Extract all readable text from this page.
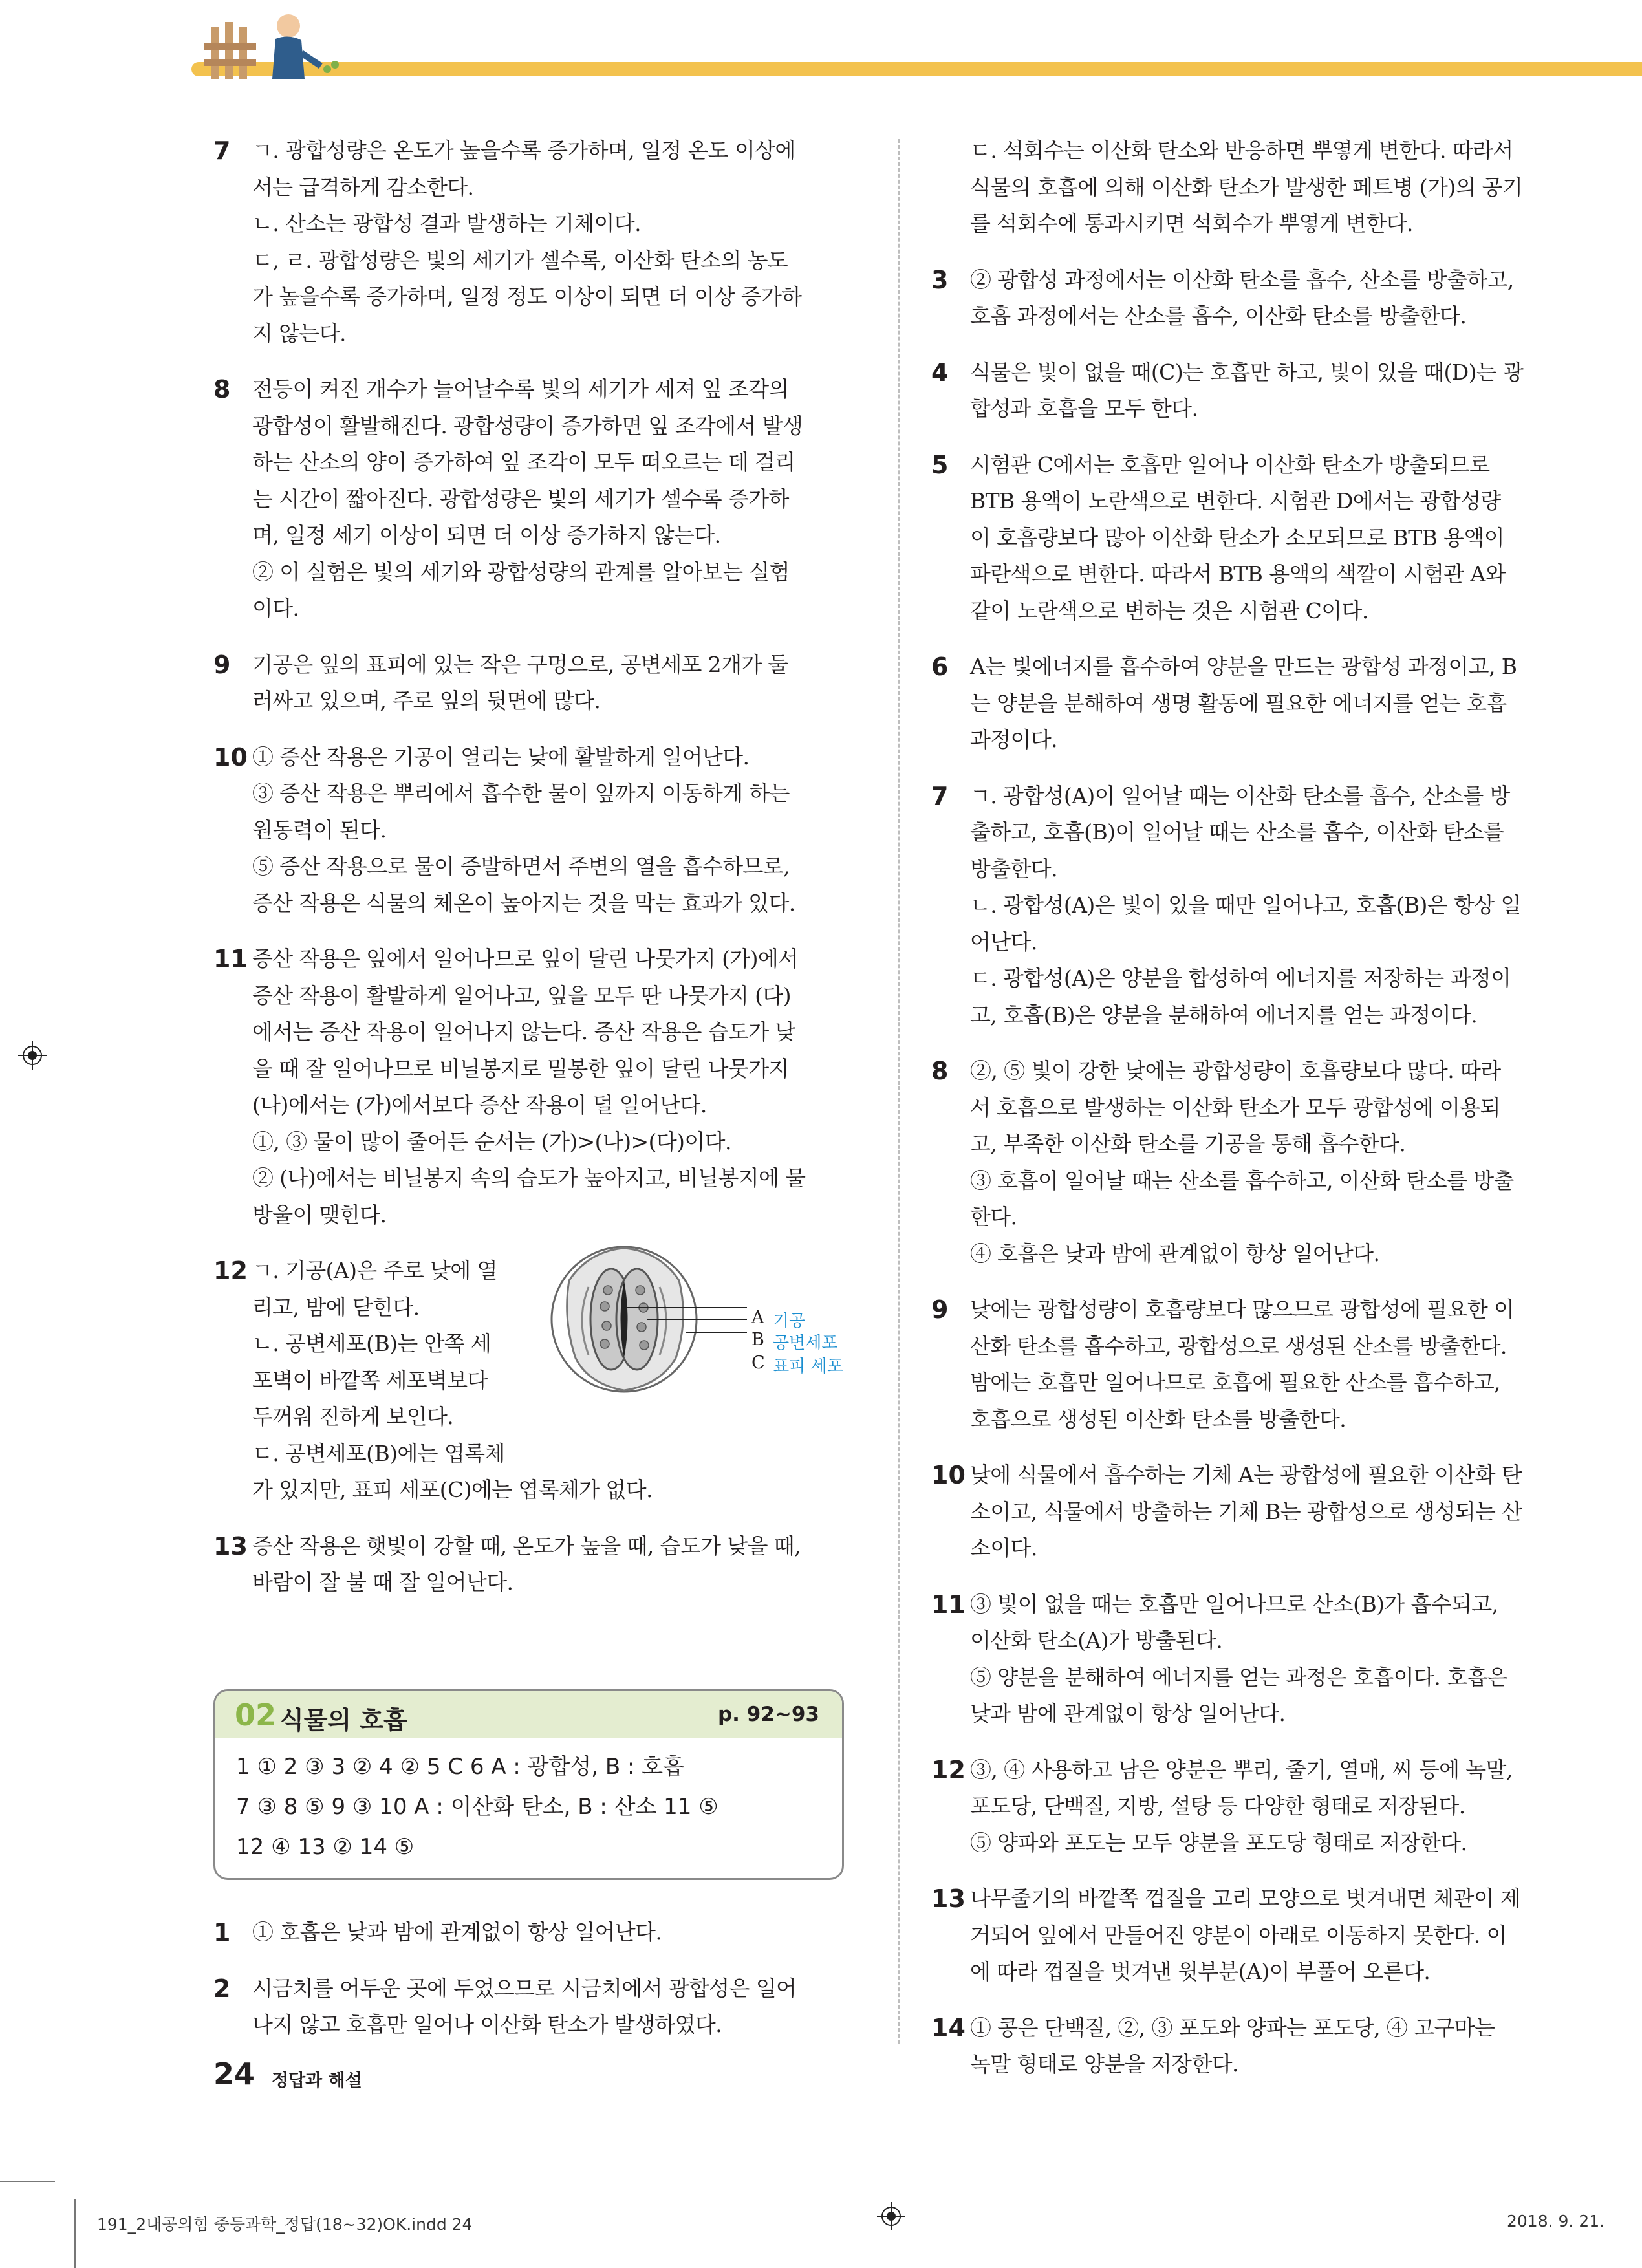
7 ㄱ. 광합성량은 온도가 높을수록 증가하며, 일정 온도 이상에
서는 급격하게 감소한다.
ㄴ. 산소는 광합성 결과 발생하는 기체이다.
ㄷ, ㄹ. 광합성량은 빛의 세기가 셀수록, 이산화 탄소의 농도
가 높을수록 증가하며, 일정 정도 이상이 되면 더 이상 증가하
지 않는다.
8 전등이 켜진 개수가 늘어날수록 빛의 세기가 세져 잎 조각의
광합성이 활발해진다. 광합성량이 증가하면 잎 조각에서 발생
하는 산소의 양이 증가하여 잎 조각이 모두 떠오르는 데 걸리
는 시간이 짧아진다. 광합성량은 빛의 세기가 셀수록 증가하
며, 일정 세기 이상이 되면 더 이상 증가하지 않는다.
② 이 실험은 빛의 세기와 광합성량의 관계를 알아보는 실험
이다.
9 기공은 잎의 표피에 있는 작은 구멍으로, 공변세포 2개가 둘
러싸고 있으며, 주로 잎의 뒷면에 많다.
10 ① 증산 작용은 기공이 열리는 낮에 활발하게 일어난다.
③ 증산 작용은 뿌리에서 흡수한 물이 잎까지 이동하게 하는
원동력이 된다.
⑤ 증산 작용으로 물이 증발하면서 주변의 열을 흡수하므로,
증산 작용은 식물의 체온이 높아지는 것을 막는 효과가 있다.
11 증산 작용은 잎에서 일어나므로 잎이 달린 나뭇가지 (가)에서
증산 작용이 활발하게 일어나고, 잎을 모두 딴 나뭇가지 (다)
에서는 증산 작용이 일어나지 않는다. 증산 작용은 습도가 낮
을 때 잘 일어나므로 비닐봉지로 밀봉한 잎이 달린 나뭇가지
(나)에서는 (가)에서보다 증산 작용이 덜 일어난다.
①, ③ 물이 많이 줄어든 순서는 (가)>(나)>(다)이다.
② (나)에서는 비닐봉지 속의 습도가 높아지고, 비닐봉지에 물
방울이 맺힌다.
12 ㄱ. 기공(A)은 주로 낮에 열
리고, 밤에 닫힌다.
ㄴ. 공변세포(B)는 안쪽 세
포벽이 바깥쪽 세포벽보다
두꺼워 진하게 보인다.
ㄷ. 공변세포(B)에는 엽록체
가 있지만, 표피 세포(C)에는 엽록체가 없다.
13 증산 작용은 햇빛이 강할 때, 온도가 높을 때, 습도가 낮을 때,
바람이 잘 불 때 잘 일어난다.
A 기공
B 공변세포
C 표피 세포
02 식물의 호흡	p. 92~93
1 ① 2 ③ 3 ② 4 ② 5 C 6 A : 광합성, B : 호흡
7 ③ 8 ⑤ 9 ③ 10 A : 이산화 탄소, B : 산소 11 ⑤
12 ④ 13 ② 14 ⑤
1 ① 호흡은 낮과 밤에 관계없이 항상 일어난다.
2 시금치를 어두운 곳에 두었으므로 시금치에서 광합성은 일어
나지 않고 호흡만 일어나 이산화 탄소가 발생하였다.
ㄷ. 석회수는 이산화 탄소와 반응하면 뿌옇게 변한다. 따라서
식물의 호흡에 의해 이산화 탄소가 발생한 페트병 (가)의 공기
를 석회수에 통과시키면 석회수가 뿌옇게 변한다.
3 ② 광합성 과정에서는 이산화 탄소를 흡수, 산소를 방출하고,
호흡 과정에서는 산소를 흡수, 이산화 탄소를 방출한다.
4 식물은 빛이 없을 때(C)는 호흡만 하고, 빛이 있을 때(D)는 광
합성과 호흡을 모두 한다.
5 시험관 C에서는 호흡만 일어나 이산화 탄소가 방출되므로
BTB 용액이 노란색으로 변한다. 시험관 D에서는 광합성량
이 호흡량보다 많아 이산화 탄소가 소모되므로 BTB 용액이
파란색으로 변한다. 따라서 BTB 용액의 색깔이 시험관 A와
같이 노란색으로 변하는 것은 시험관 C이다.
6 A는 빛에너지를 흡수하여 양분을 만드는 광합성 과정이고, B
는 양분을 분해하여 생명 활동에 필요한 에너지를 얻는 호흡
과정이다.
7 ㄱ. 광합성(A)이 일어날 때는 이산화 탄소를 흡수, 산소를 방
출하고, 호흡(B)이 일어날 때는 산소를 흡수, 이산화 탄소를
방출한다.
ㄴ. 광합성(A)은 빛이 있을 때만 일어나고, 호흡(B)은 항상 일
어난다.
ㄷ. 광합성(A)은 양분을 합성하여 에너지를 저장하는 과정이
고, 호흡(B)은 양분을 분해하여 에너지를 얻는 과정이다.
8 ②, ⑤ 빛이 강한 낮에는 광합성량이 호흡량보다 많다. 따라
서 호흡으로 발생하는 이산화 탄소가 모두 광합성에 이용되
고, 부족한 이산화 탄소를 기공을 통해 흡수한다.
③ 호흡이 일어날 때는 산소를 흡수하고, 이산화 탄소를 방출
한다.
④ 호흡은 낮과 밤에 관계없이 항상 일어난다.
9 낮에는 광합성량이 호흡량보다 많으므로 광합성에 필요한 이
산화 탄소를 흡수하고, 광합성으로 생성된 산소를 방출한다.
밤에는 호흡만 일어나므로 호흡에 필요한 산소를 흡수하고,
호흡으로 생성된 이산화 탄소를 방출한다.
10 낮에 식물에서 흡수하는 기체 A는 광합성에 필요한 이산화 탄
소이고, 식물에서 방출하는 기체 B는 광합성으로 생성되는 산
소이다.
11 ③ 빛이 없을 때는 호흡만 일어나므로 산소(B)가 흡수되고,
이산화 탄소(A)가 방출된다.
⑤ 양분을 분해하여 에너지를 얻는 과정은 호흡이다. 호흡은
낮과 밤에 관계없이 항상 일어난다.
12 ③, ④ 사용하고 남은 양분은 뿌리, 줄기, 열매, 씨 등에 녹말,
포도당, 단백질, 지방, 설탕 등 다양한 형태로 저장된다.
⑤ 양파와 포도는 모두 양분을 포도당 형태로 저장한다.
13 나무줄기의 바깥쪽 껍질을 고리 모양으로 벗겨내면 체관이 제
거되어 잎에서 만들어진 양분이 아래로 이동하지 못한다. 이
에 따라 껍질을 벗겨낸 윗부분(A)이 부풀어 오른다.
14 ① 콩은 단백질, ②, ③ 포도와 양파는 포도당, ④ 고구마는
녹말 형태로 양분을 저장한다.
24 정답과 해설
191_2내공의힘 중등과학_정답(18~32)OK.indd 24	2018. 9. 21.
